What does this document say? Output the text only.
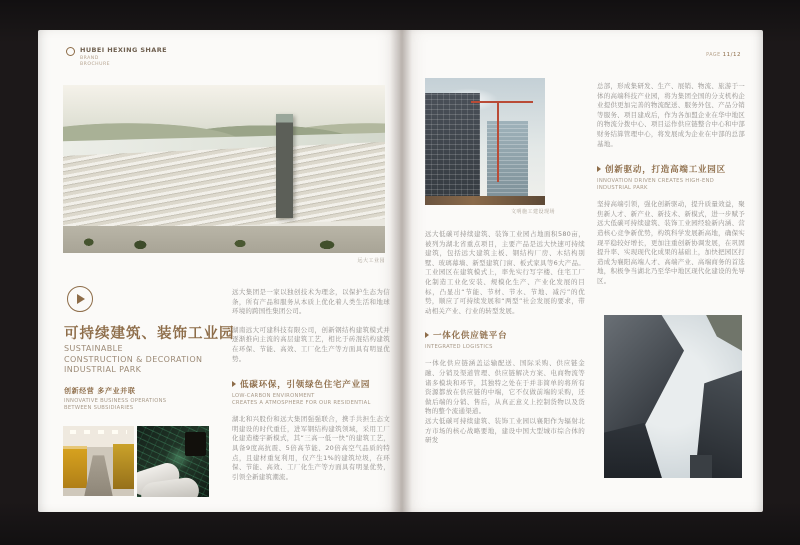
HUBEI HEXING SHARE
BRAND
BROCHURE
远大工业园
可持续建筑、装饰工业园
SUSTAINABLE
CONSTRUCTION & DECORATION
INDUSTRIAL PARK
创新经营 多产业并联
INNOVATIVE BUSINESS OPERATIONS
BETWEEN SUBSIDIARIES
远大集团是一家以独创技术为理念，以保护生态为信条，所有产品和服务从本质上优化着人类生活和地球环境的跨国性集团公司。
湖南远大可建科技有限公司，创新钢结构建筑模式并逐渐推向主流的高层建筑工艺，相比于砖混结构建筑在环保、节能、高效、工厂化生产等方面具有明显优势。
低碳环保，引领绿色住宅产业园
LOW-CARBON ENVIRONMENT
CREATES A ATMOSPHERE FOR OUR RESIDENTIAL
湖北和兴股份和远大集团强强联合，携手共担生态文明建设的时代重任，进军钢结构建筑领域，采用工厂化建造楼宇新模式，其“三高一低一快”的建筑工艺，具备9度高抗震、5倍高节能、20倍高空气品质的特点，且建材重复利用，仅产生1%的建筑垃圾，在环保、节能、高效、工厂化生产等方面具有明显优势，引领全新建筑潮流。
PAGE 11/12
文明施工建设现场
远大低碳可持续建筑、装饰工业园占地面积580亩，被列为湖北省重点项目，主要产品是远大快速可持续建筑，包括远大建筑主板、钢结构厂房、木结构别墅、玻璃幕墙、新型建筑门窗、板式家具等6大产品。工业园区在建筑模式上，率先实行写字楼、住宅工厂化制造工业化安装、规模化生产、产业化发展的目标，凸显出“节能、节材、节水、节地、减污”的优势，顺应了可持续发展和“两型”社会发展的要求，带动相关产业、行业的转型发展。
一体化供应链平台
INTEGRATED LOGISTICS
一体化供应链涵盖运输配送、国际采购、供应链金融、分销及渠道管理、供应链解决方案、电商物流等诸多模块和环节，其独特之处在于并非简单的将所有资源都放在供应链的中端，它不仅做前端的采购，还做后端的分销、售后，从真正意义上控制货物以及货物的整个流通渠道。
远大低碳可持续建筑、装饰工业园以襄阳作为辐射北方市场的核心战略要地，建设中国大型城市综合体的研发
总部，形成集研发、生产、展销、物流、旅游于一体的高端科技产业园，将为集团全国的分支机构企业提供更加完善的物流配送、服务外包、产品分销等服务、项目建成后，作为各加盟企业在华中地区的物流分拨中心、项目运作供应链整合中心和中部财务结算管理中心，将发展成为企业在中部的总部基地。
创新驱动，打造高端工业园区
INNOVATION DRIVEN CREATES HIGH-END INDUSTRIAL PARK
坚持高端引领，强化创新驱动，提升质量效益，聚焦新人才、新产业、新技术、新模式，进一步赋予远大低碳可持续建筑、装饰工业园经验新内涵、营造核心竞争新优势，构筑科学发展新高地，确保实现平稳较好增长，更加注重创新协调发展，在巩固提升率、实现现代化成果的基础上，加快把园区打造成为襄阳高端人才、高端产业、高端商务的首选地，积极争当湖北乃至华中地区现代化建设的先导区。
